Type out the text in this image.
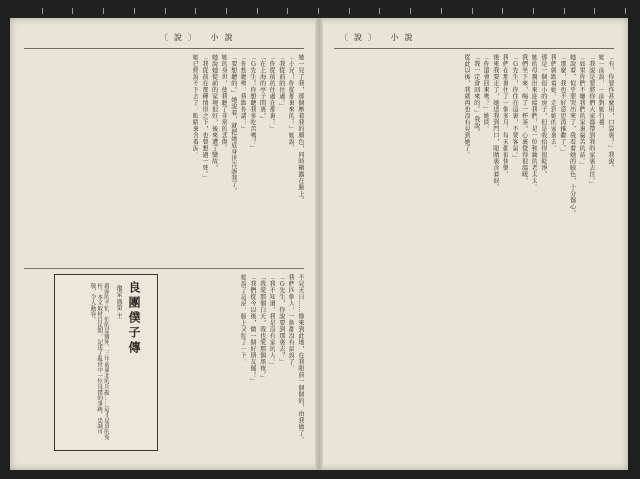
〔說〕 小說
她一見了我，那個壓着我的顏色，同時顯露在臉上。
「小兄！你從那裏來的？」她說。
「我從前的住處。」
「你從前的住處在那裏？」
「在上海的亭子間裏。」
「Ｇ先生！你想聽我多吃苦嗎？」
「你想聽嗎，我跟你講？」
「要想聽的。」她說着，就把她底身世告訴我了。
她的身世，使我聽了非常的悲傷。
她說她從前的家境很好，後來遭了變故，
「我從前在那種情形之下，也曾想過一死。」
她已經說不下去了，眼睛裏含着淚。
不見天日……像來到此地，在我眼前一個個的，由我做了。
我們四個人，一個都沒有話說了。
「Ｇ先生，你說要到那裏去？」
「我不知道，我是沒有家的人。」
「我愛那個白天，我也愛那個黑夜。」
「我們從今以後，做一個好朋友罷！」
她說了這話，臉上又紅了一下。
良團僕子傳
瓊家 盛榮 主
殺頭的不怕，怕的是餓死。三年前東北的兵亂……這才是真的冤枉。本文取材自民間，記述了亂世中一位良僕的事跡，忠誠可敬，令人動容。
〔說〕 小說
「有，你要作甚麼用，口袋裏？」我說。
她一面說，一面對她行禮。
「我說是要將你們大家都帶到我的家裏去住。」
「如果你們不嫌我們的家裏窮苦的話。」
她說着，似乎要哭出來了，我看着她的臉色，十分傷心。
「那麼，我也不好意思再推辭了。」
我們就跟着她，走到她的家裏去。
那是一個很小的房子，但是收拾得很乾淨。
她的母親出來迎接我們，是一位和藹的老太太。
我們坐下來，喝了一杯茶，心裏覺得很溫暖。
「Ｇ先生，你住在這裏，不要客氣。」
我們在那裏住了一個多月，每天都很快樂。
後來我要走了，她送我到門口，眼睛裏含着淚。
「你還會回來嗎？」她問。
「我一定會回來的。」我說。
從此以後，我就再也沒有見到她了。
